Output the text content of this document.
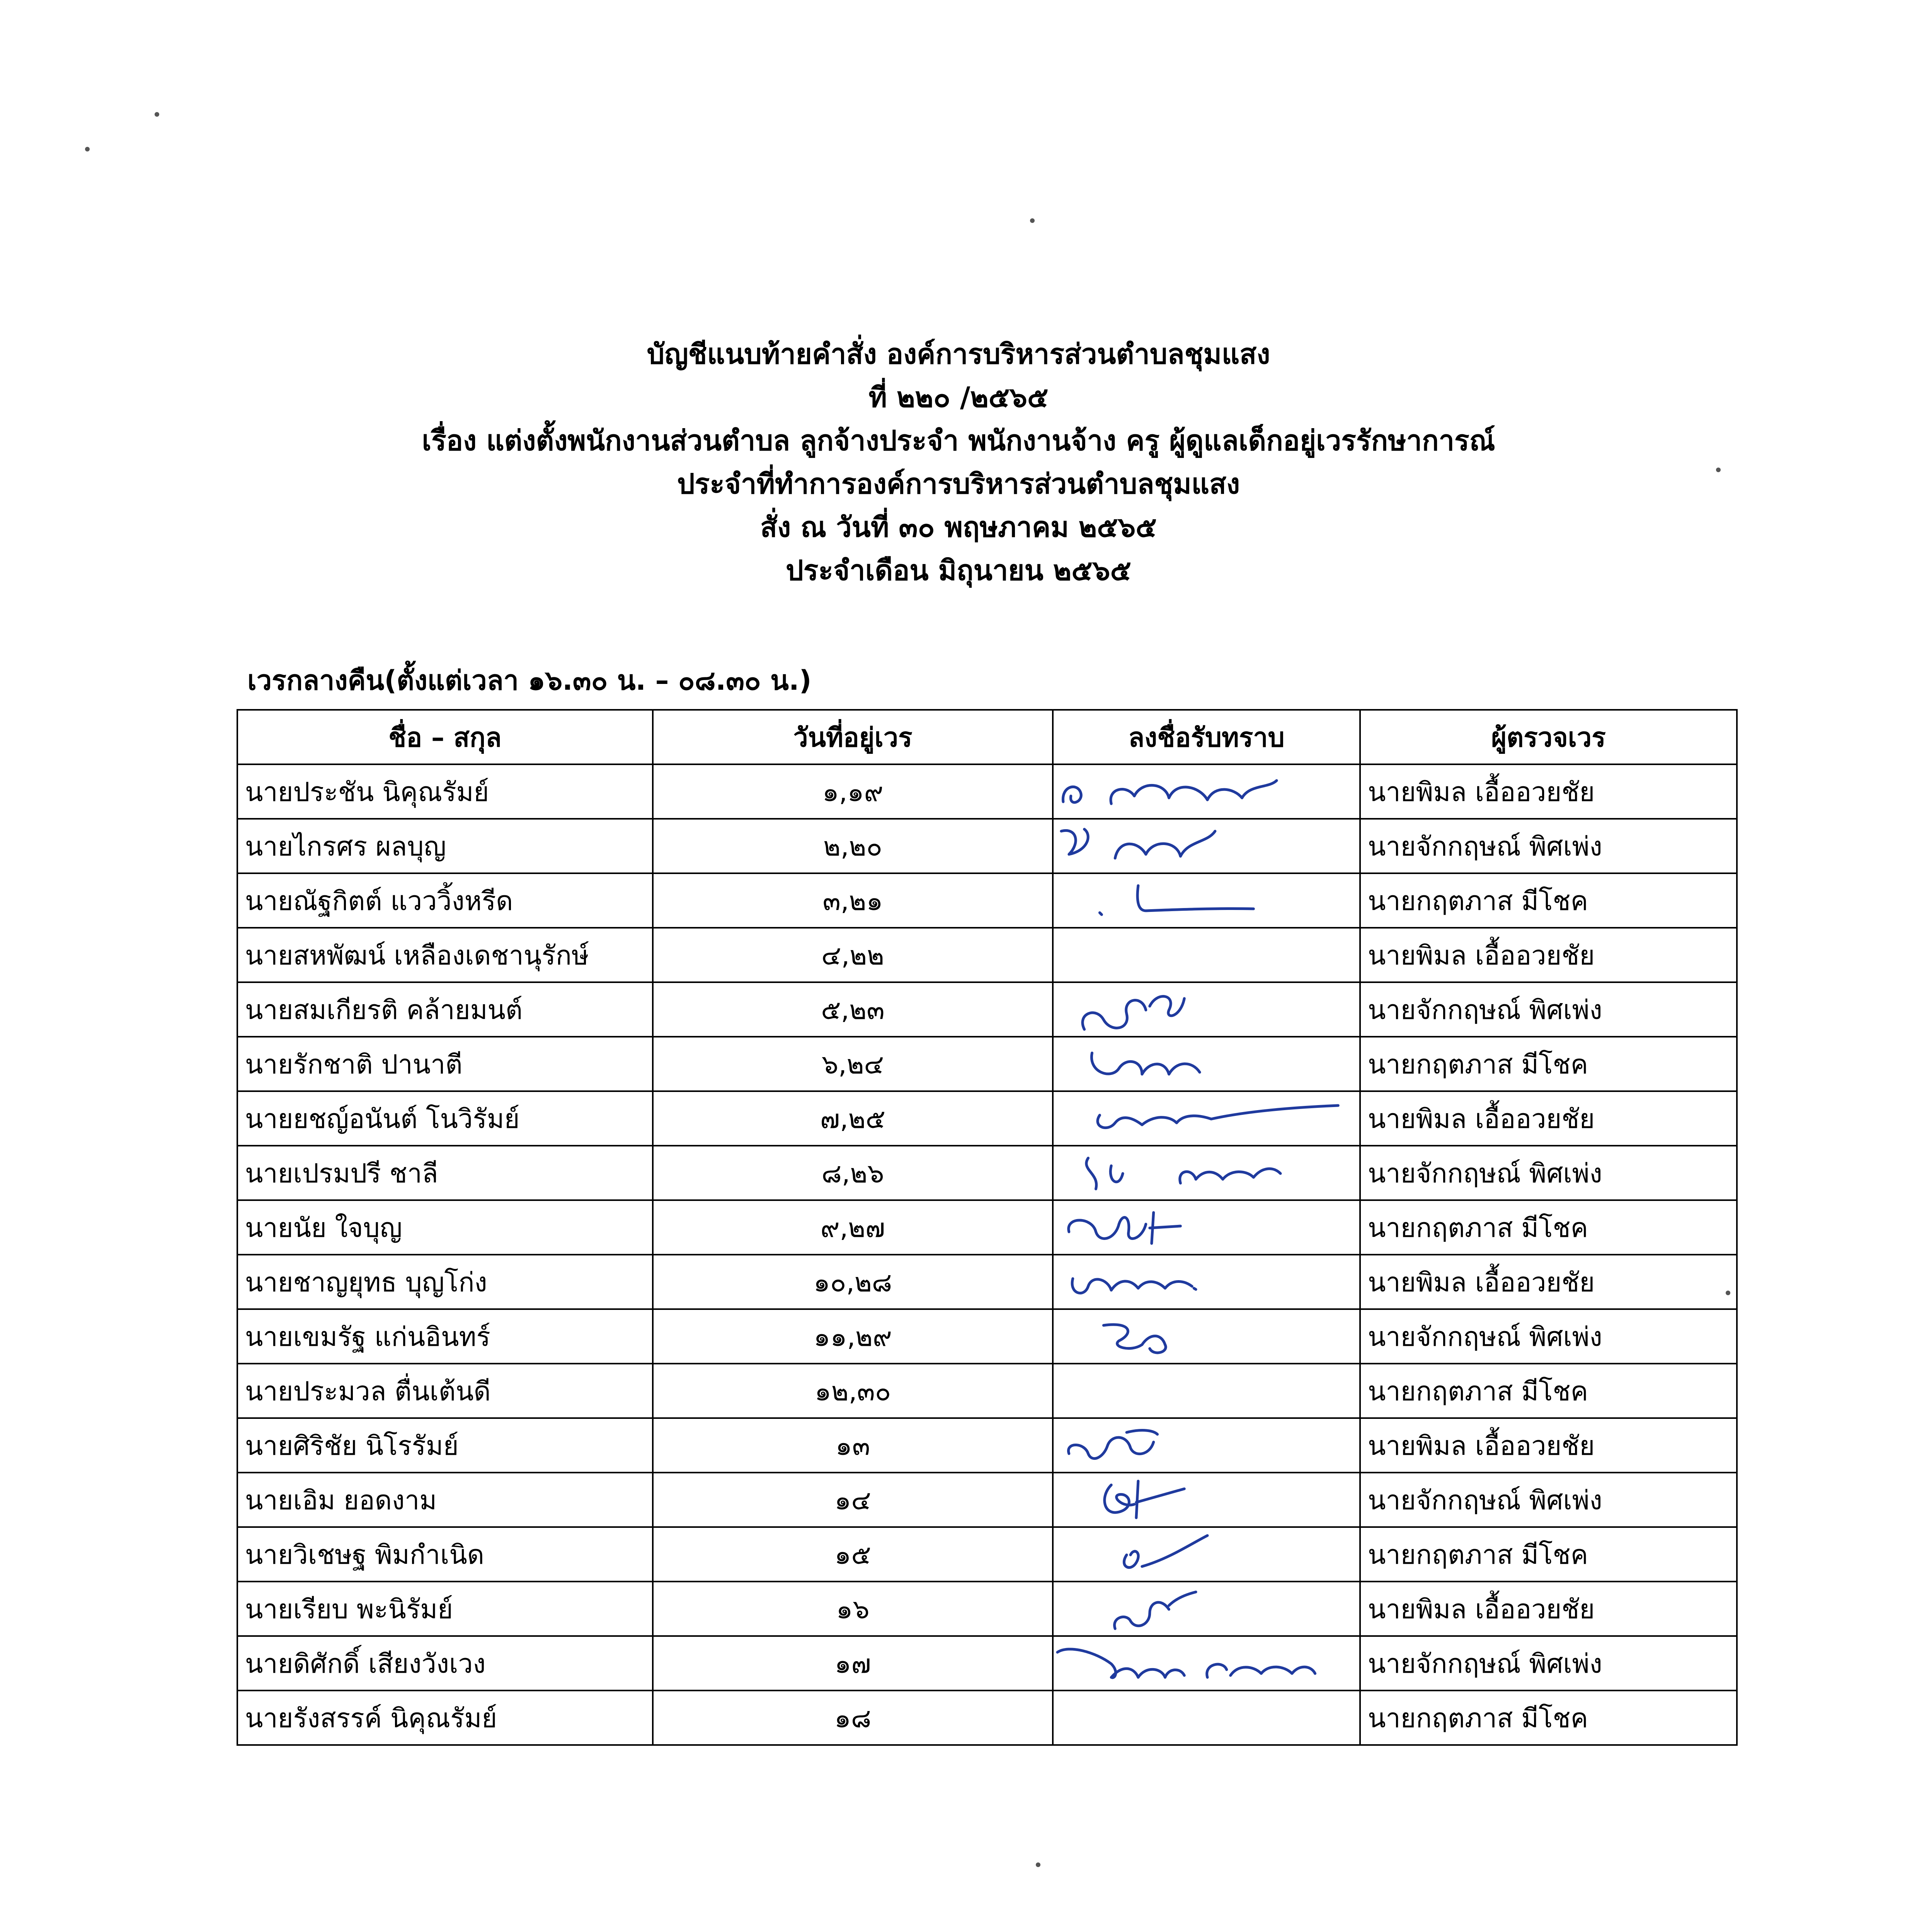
บัญชีแนบท้ายคำสั่ง องค์การบริหารส่วนตำบลชุมแสง
ที่ ๒๒๐ /๒๕๖๕
เรื่อง แต่งตั้งพนักงานส่วนตำบล ลูกจ้างประจำ พนักงานจ้าง ครู ผู้ดูแลเด็กอยู่เวรรักษาการณ์
ประจำที่ทำการองค์การบริหารส่วนตำบลชุมแสง
สั่ง ณ วันที่ ๓๐ พฤษภาคม ๒๕๖๕
ประจำเดือน มิถุนายน ๒๕๖๕
เวรกลางคืน(ตั้งแต่เวลา ๑๖.๓๐ น. – ๐๘.๓๐ น.)
ชื่อ – สกุล	วันที่อยู่เวร	ลงชื่อรับทราบ	ผู้ตรวจเวร
นายประชัน นิคุณรัมย์	๑,๑๙		นายพิมล เอื้ออวยชัย
นายไกรศร ผลบุญ	๒,๒๐		นายจักกฤษณ์ พิศเพ่ง
นายณัฐกิตต์ แวววิ้งหรีด	๓,๒๑		นายกฤตภาส มีโชค
นายสหพัฒน์ เหลืองเดชานุรักษ์	๔,๒๒		นายพิมล เอื้ออวยชัย
นายสมเกียรติ คล้ายมนต์	๕,๒๓		นายจักกฤษณ์ พิศเพ่ง
นายรักชาติ ปานาตี	๖,๒๔		นายกฤตภาส มีโชค
นายยชญ์อนันต์ โนวิรัมย์	๗,๒๕		นายพิมล เอื้ออวยชัย
นายเปรมปรี ชาลี	๘,๒๖		นายจักกฤษณ์ พิศเพ่ง
นายนัย ใจบุญ	๙,๒๗		นายกฤตภาส มีโชค
นายชาญยุทธ บุญโก่ง	๑๐,๒๘		นายพิมล เอื้ออวยชัย
นายเขมรัฐ แก่นอินทร์	๑๑,๒๙		นายจักกฤษณ์ พิศเพ่ง
นายประมวล ตื่นเต้นดี	๑๒,๓๐		นายกฤตภาส มีโชค
นายศิริชัย นิโรรัมย์	๑๓		นายพิมล เอื้ออวยชัย
นายเอิม ยอดงาม	๑๔		นายจักกฤษณ์ พิศเพ่ง
นายวิเชษฐ พิมกำเนิด	๑๕		นายกฤตภาส มีโชค
นายเรียบ พะนิรัมย์	๑๖		นายพิมล เอื้ออวยชัย
นายดิศักดิ์ เสียงวังเวง	๑๗		นายจักกฤษณ์ พิศเพ่ง
นายรังสรรค์ นิคุณรัมย์	๑๘		นายกฤตภาส มีโชค
